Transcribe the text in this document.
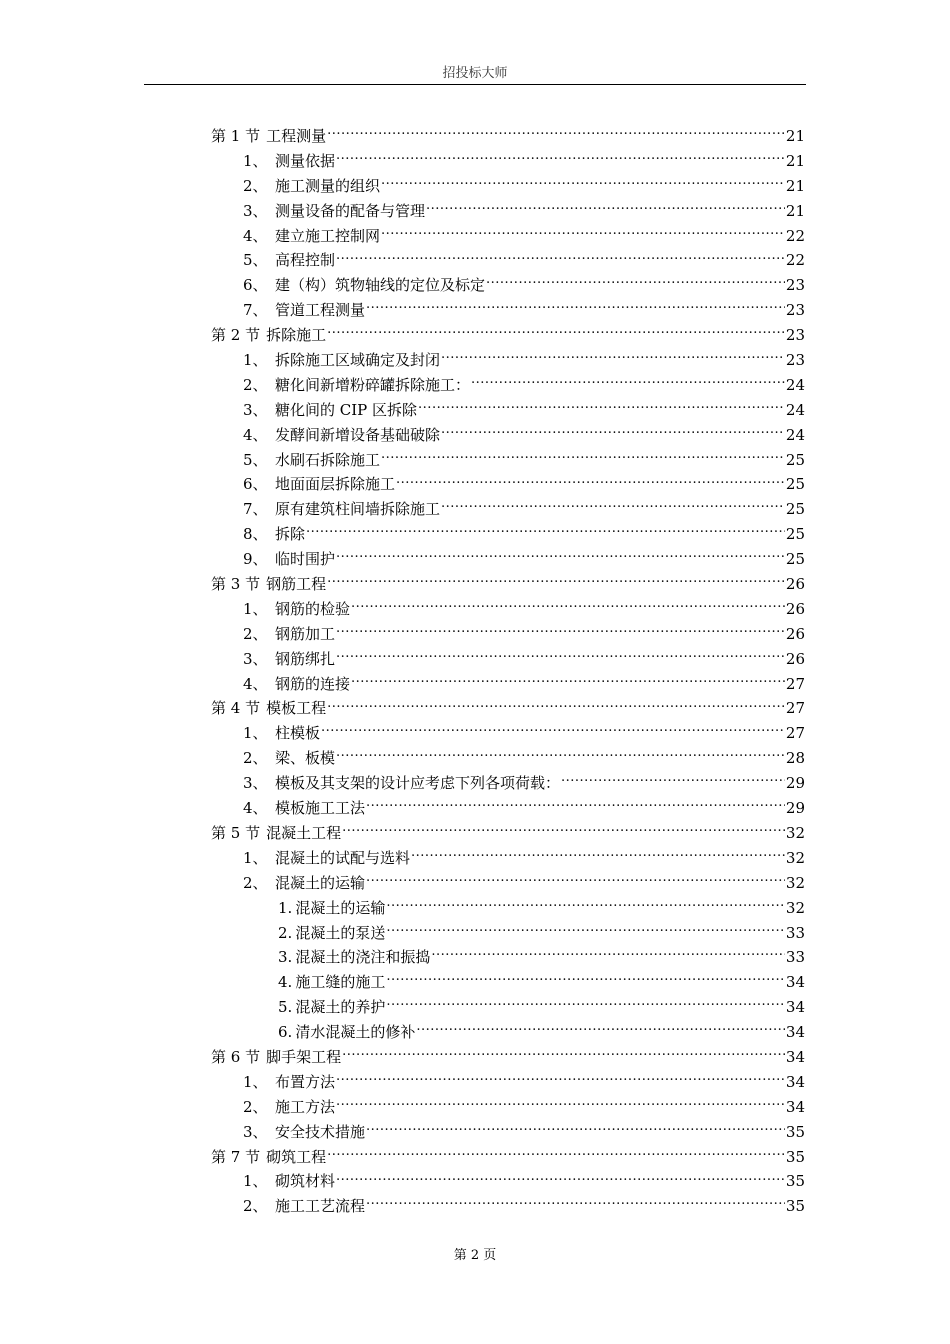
招投标大师
第 1 节 工程测量 .....	21
1、 测量依据 .....	21
2、 施工测量的组织 .....	21
3、 测量设备的配备与管理 .....	21
4、 建立施工控制网 .....	22
5、 高程控制 .....	22
6、 建（构）筑物轴线的定位及标定 .....	23
7、 管道工程测量 .....	23
第 2 节 拆除施工 .....	23
1、 拆除施工区域确定及封闭 .....	23
2、 糖化间新增粉碎罐拆除施工： .....	24
3、 糖化间的 CIP 区拆除 .....	24
4、 发酵间新增设备基础破除 .....	24
5、 水刷石拆除施工 .....	25
6、 地面面层拆除施工 .....	25
7、 原有建筑柱间墙拆除施工 .....	25
8、 拆除 .....	25
9、 临时围护 .....	25
第 3 节 钢筋工程 .....	26
1、 钢筋的检验 .....	26
2、 钢筋加工 .....	26
3、 钢筋绑扎 .....	26
4、 钢筋的连接 .....	27
第 4 节 模板工程 .....	27
1、 柱模板 .....	27
2、 梁、板模 .....	28
3、 模板及其支架的设计应考虑下列各项荷载： .....	29
4、 模板施工工法 .....	29
第 5 节 混凝土工程 .....	32
1、 混凝土的试配与选料 .....	32
2、 混凝土的运输 .....	32
1. 混凝土的运输 .....	32
2. 混凝土的泵送 .....	33
3. 混凝土的浇注和振捣 .....	33
4. 施工缝的施工 .....	34
5. 混凝土的养护 .....	34
6. 清水混凝土的修补 .....	34
第 6 节 脚手架工程 .....	34
1、 布置方法 .....	34
2、 施工方法 .....	34
3、 安全技术措施 .....	35
第 7 节 砌筑工程 .....	35
1、 砌筑材料 .....	35
2、 施工工艺流程 .....	35
第 2 页
